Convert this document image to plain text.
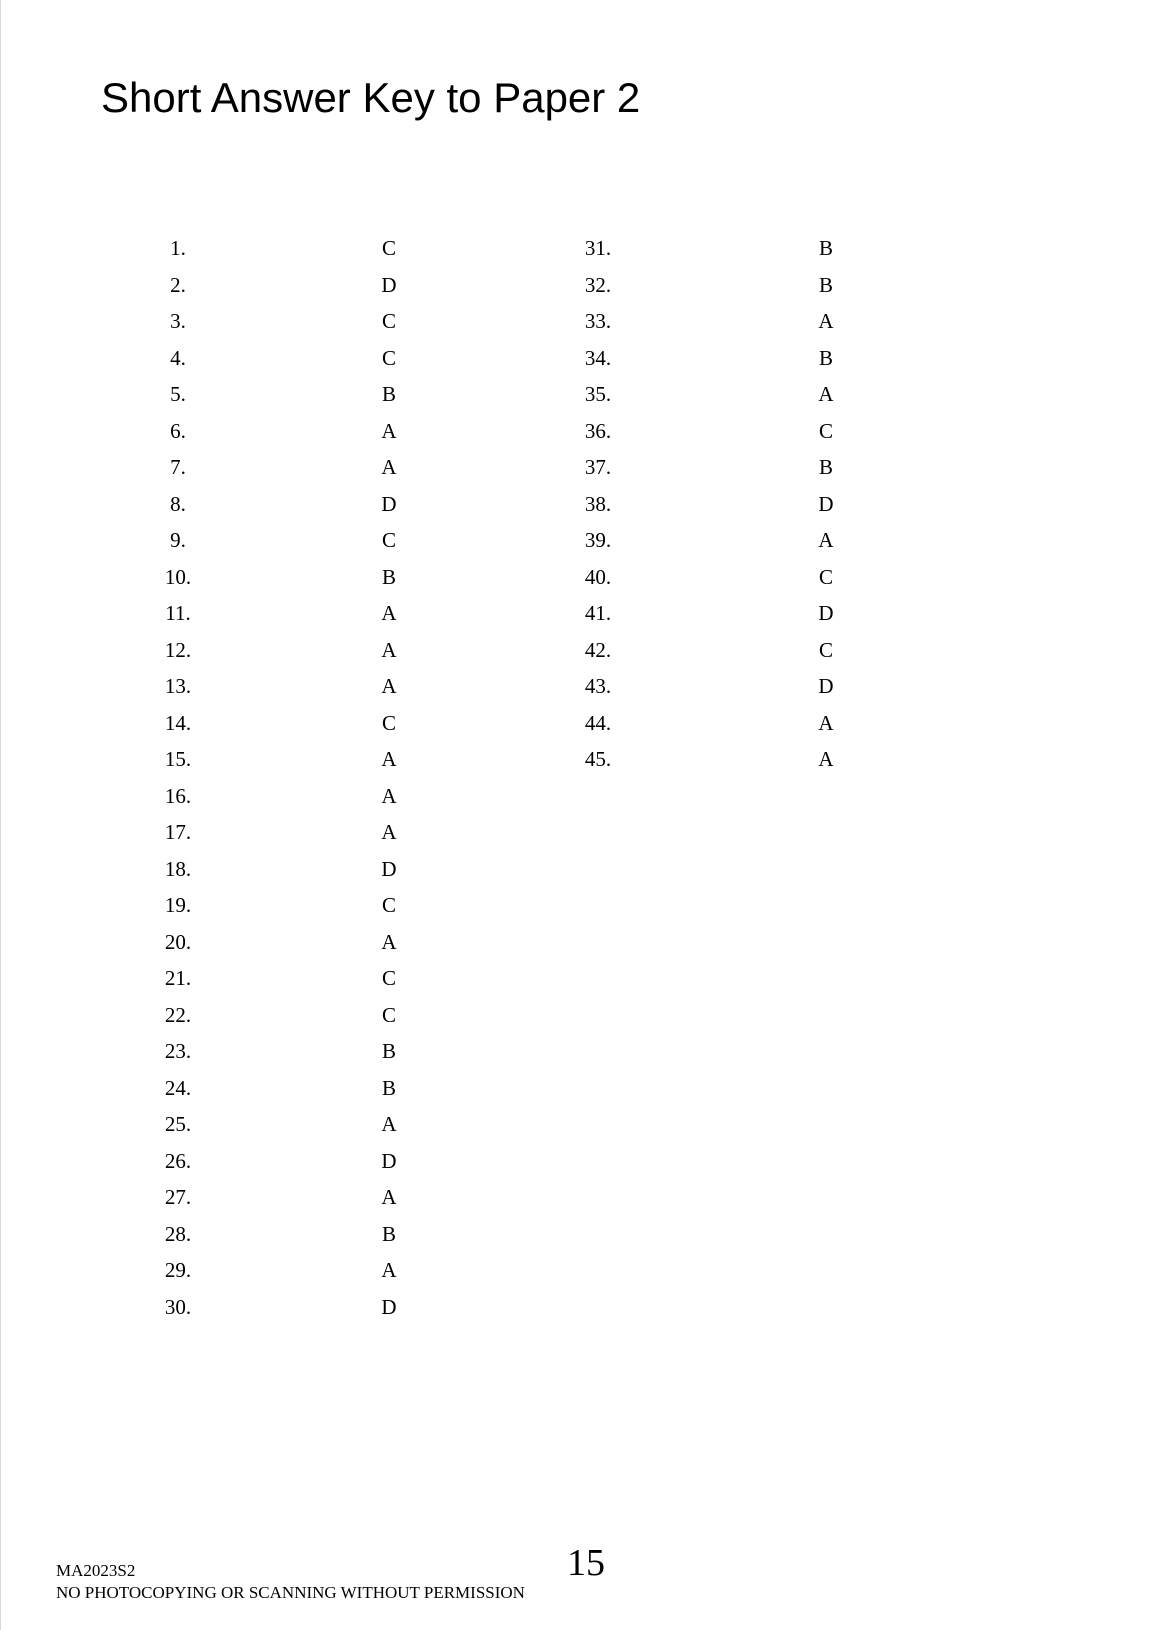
Short Answer Key to Paper 2
1.	C
2.	D
3.	C
4.	C
5.	B
6.	A
7.	A
8.	D
9.	C
10.	B
11.	A
12.	A
13.	A
14.	C
15.	A
16.	A
17.	A
18.	D
19.	C
20.	A
21.	C
22.	C
23.	B
24.	B
25.	A
26.	D
27.	A
28.	B
29.	A
30.	D
31.	B
32.	B
33.	A
34.	B
35.	A
36.	C
37.	B
38.	D
39.	A
40.	C
41.	D
42.	C
43.	D
44.	A
45.	A
MA2023S2
NO PHOTOCOPYING OR SCANNING WITHOUT PERMISSION
15
